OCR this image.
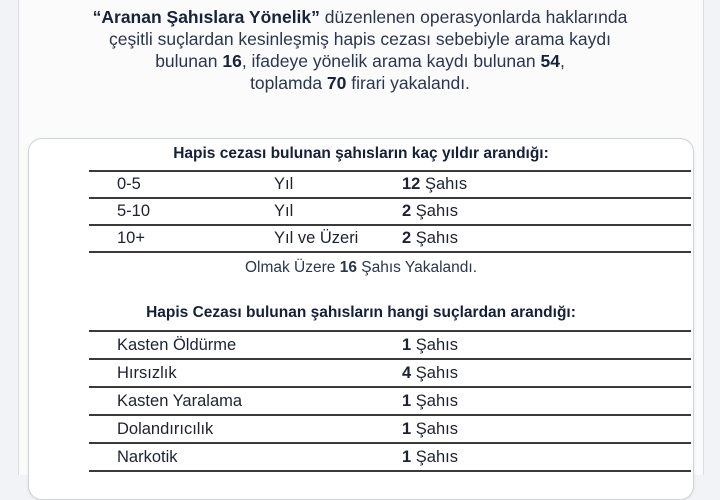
“Aranan Şahıslara Yönelik” düzenlenen operasyonlarda haklarında
çeşitli suçlardan kesinleşmiş hapis cezası sebebiyle arama kaydı
bulunan 16, ifadeye yönelik arama kaydı bulunan 54,
toplamda 70 firari yakalandı.
Hapis cezası bulunan şahısların kaç yıldır arandığı:
0-5	Yıl	12 Şahıs
5-10	Yıl	2 Şahıs
10+	Yıl ve Üzeri	2 Şahıs
Olmak Üzere 16 Şahıs Yakalandı.
Hapis Cezası bulunan şahısların hangi suçlardan arandığı:
Kasten Öldürme	1 Şahıs
Hırsızlık	4 Şahıs
Kasten Yaralama	1 Şahıs
Dolandırıcılık	1 Şahıs
Narkotik	1 Şahıs
